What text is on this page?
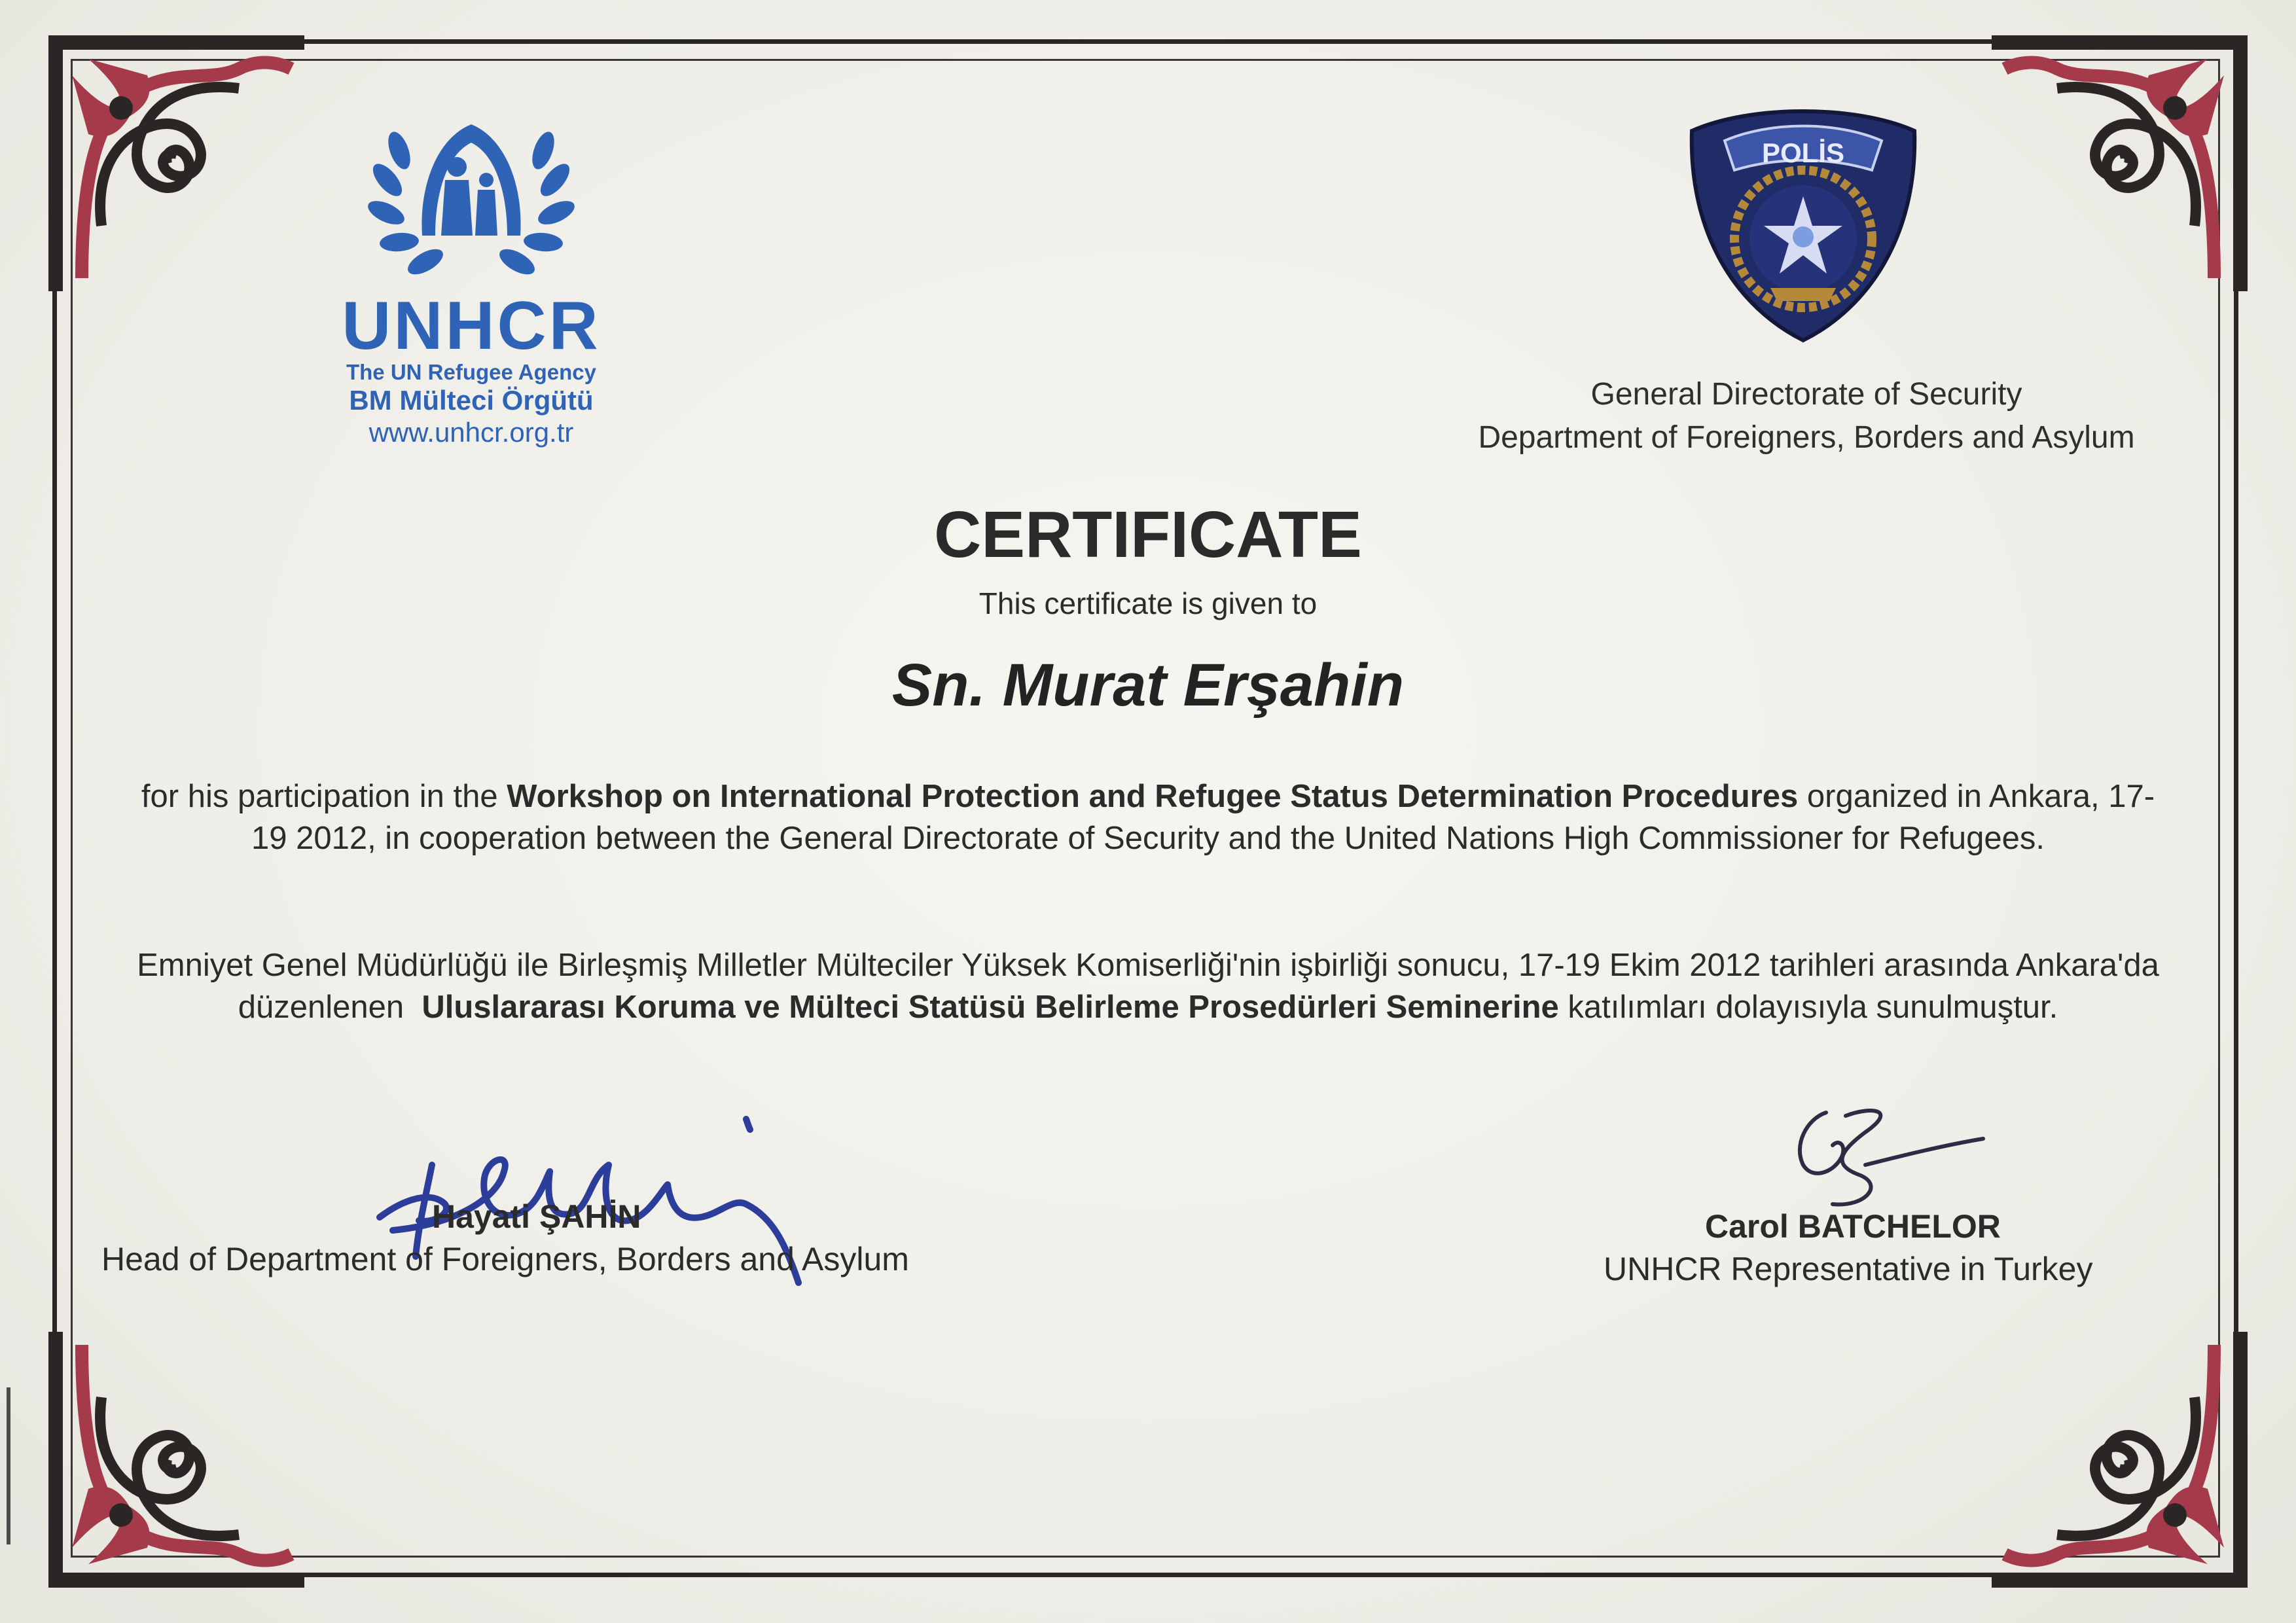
UNHCR
The UN Refugee Agency
BM Mülteci Örgütü
www.unhcr.org.tr
POLİS
General Directorate of Security
Department of Foreigners, Borders and Asylum
CERTIFICATE
This certificate is given to
Sn. Murat Erşahin
for his participation in the Workshop on International Protection and Refugee Status Determination Procedures organized in Ankara, 17-19 2012, in cooperation between the General Directorate of Security and the United Nations High Commissioner for Refugees.
Emniyet Genel Müdürlüğü ile Birleşmiş Milletler Mülteciler Yüksek Komiserliği'nin işbirliği sonucu, 17-19 Ekim 2012 tarihleri arasında Ankara'da düzenlenen  Uluslararası Koruma ve Mülteci Statüsü Belirleme Prosedürleri Seminerine katılımları dolayısıyla sunulmuştur.
Hayati ŞAHİN
Head of Department of Foreigners, Borders and Asylum
Carol BATCHELOR
UNHCR Representative in Turkey
